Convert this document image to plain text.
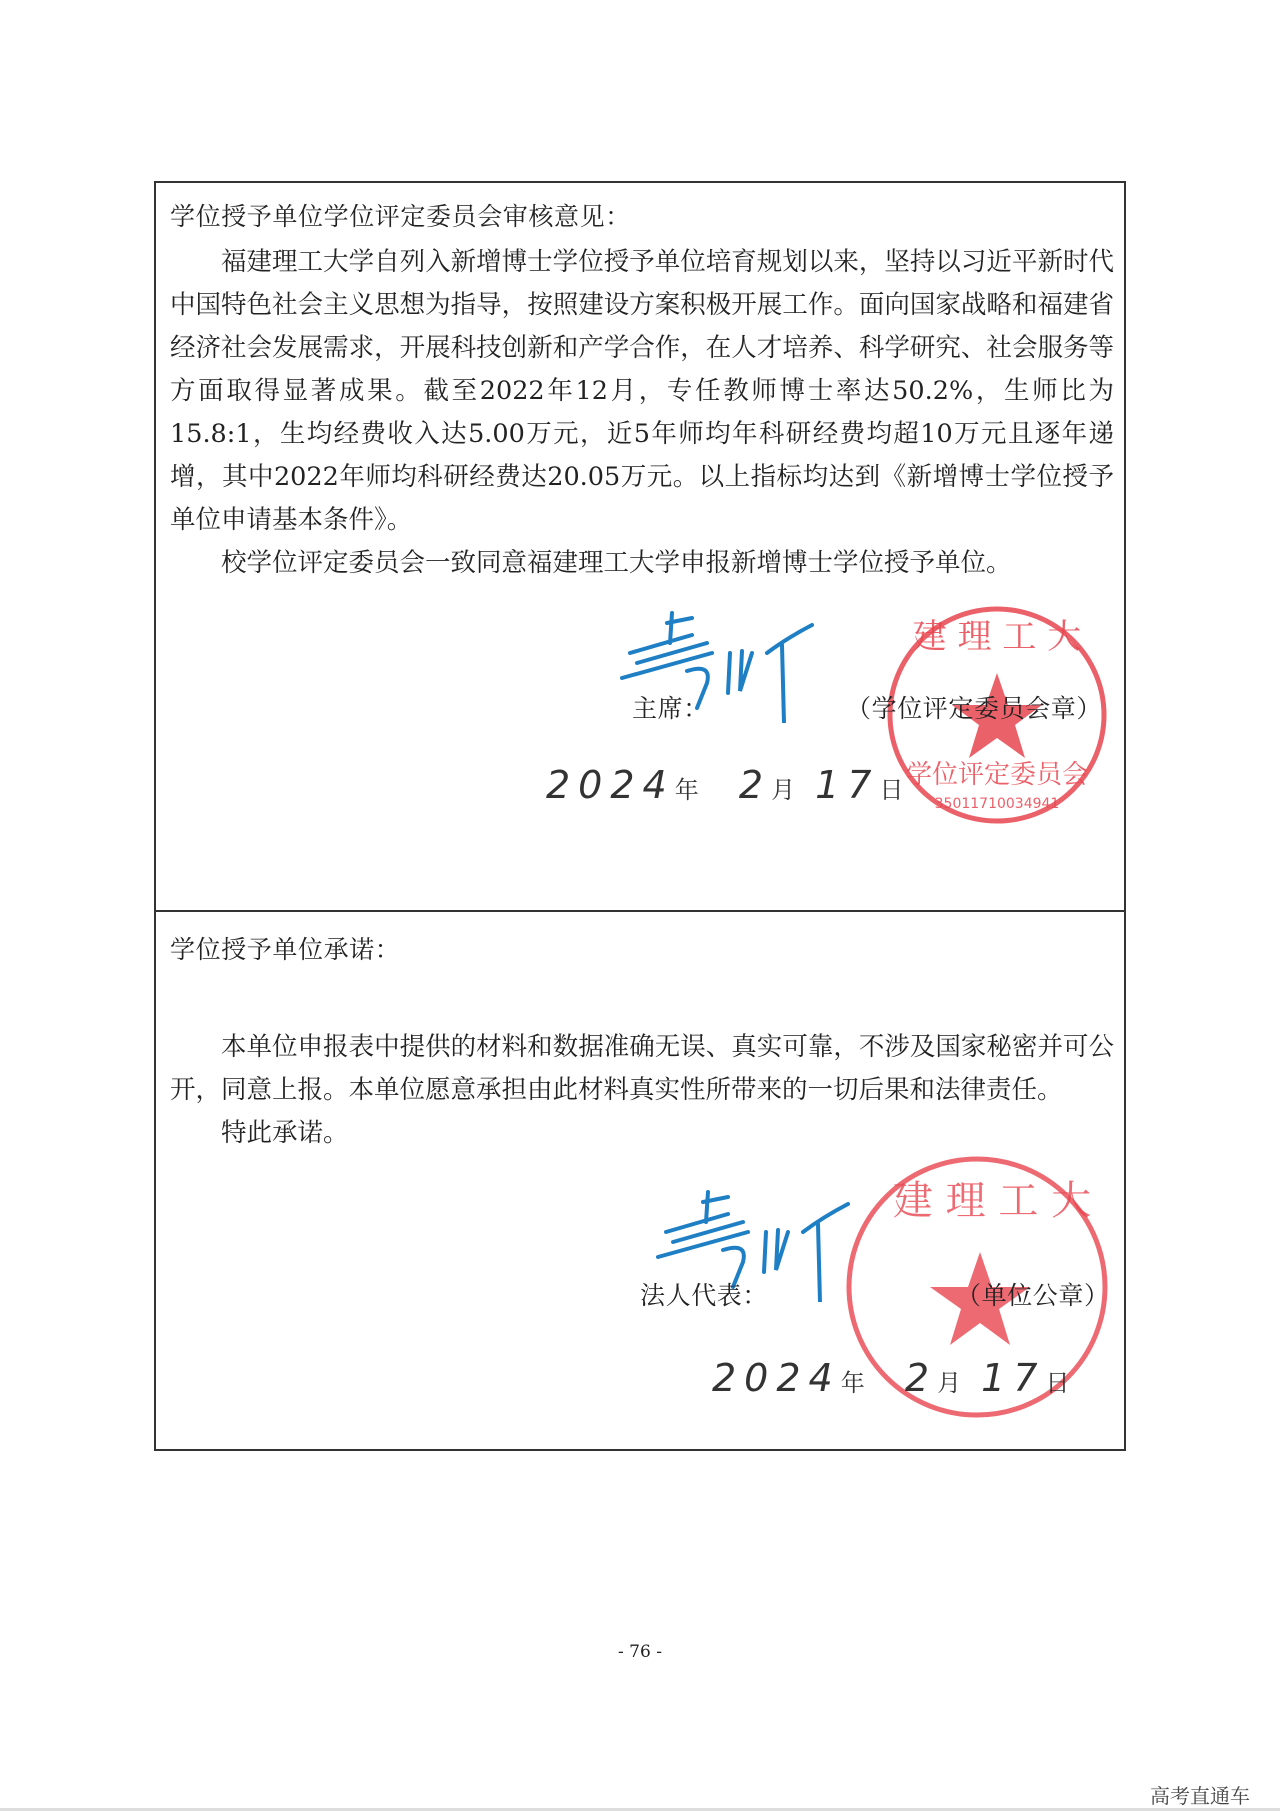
建 理 工 大
学位评定委员会
35011710034941
学位授予单位学位评定委员会审核意见：
福建理工大学自列入新增博士学位授予单位培育规划以来，坚持以习近平新时代中国特色社会主义思想为指导，按照建设方案积极开展工作。面向国家战略和福建省经济社会发展需求，开展科技创新和产学合作，在人才培养、科学研究、社会服务等方面取得显著成果。截至2022年12月，专任教师博士率达50.2%，生师比为15.8:1，生均经费收入达5.00万元，近5年师均年科研经费均超10万元且逐年递增，其中2022年师均科研经费达20.05万元。以上指标均达到《新增博士学位授予单位申请基本条件》。
校学位评定委员会一致同意福建理工大学申报新增博士学位授予单位。
主席：	（学位评定委员会章）
2024年 2月 17日
建 理 工 大
学位授予单位承诺：
本单位申报表中提供的材料和数据准确无误、真实可靠，不涉及国家秘密并可公开，同意上报。本单位愿意承担由此材料真实性所带来的一切后果和法律责任。
特此承诺。
法人代表：	（单位公章）
2024年 2月 17日
- 76 -
高考直通车
